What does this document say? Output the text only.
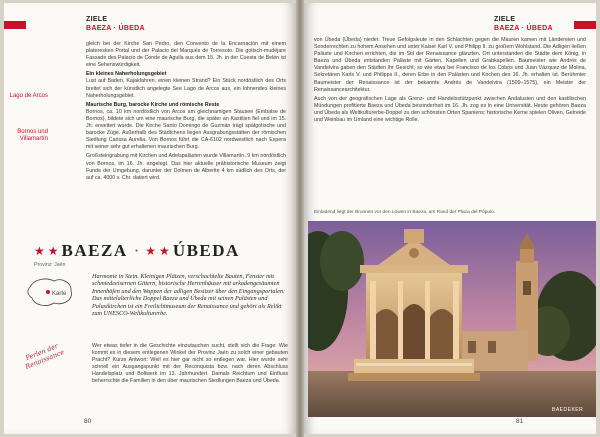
ZIELE
BAEZA · ÚBEDA
Lago de Arcos
Bornos und Villamartín

gleich bei der Kirche San Pedro, den Convento de la Encarnación mit einem plateresken Portal und der Palacio del Marqués de Torresoto. Die gotisch-mudéjare Fassade des Palacio de Conde de Aguila aus dem 15. Jh. in der Cuesta de Belén ist eine Sehenswürdigkeit.

Ein kleines Naherholungsgebiet

Lust auf Baden, Kajakfahren, einen kleinen Strand? Ein Stück nordöstlich des Orts breitet sich der künstlich angelegte See Lago de Arcos aus, ein lohnendes kleines Naherholungsgebiet.

Maurische Burg, barocke Kirche und römische Reste

Bornos, ca. 10 km nordöstlich von Arcos am gleichnamigen Stausee (Embalse de Bornos), bildete sich um eine maurische Burg, die später an Kastilien fiel und im 15. Jh. erweitert wurde. Die Kirche Santo Domingo de Guzmán trägt spätgotische und barocke Züge. Außerhalb des Städtchens liegen Ausgrabungsstätten der römischen Siedlung Carissa Aurelia. Von Bornos führt die CA-6102 nordwestlich nach Espera mit seiner sehr gut erhaltenen maurischen Burg.

Großsteingrabung mit Kirchen und Adelspalästen wurde Villamartín, 9 km nordöstlich von Bornos, im 16. Jh. angelegt. Das hier aktuelle prähistorische Museum zeigt Funde der Umgebung, darunter der Dolmen de Alberite 4 km südlich des Orts, der auf ca. 4000 v. Chr. datiert wird.

★ ★ BAEZA · ★ ★ ÚBEDA
Provinz: Jaén
Karte
Harmonie in Stein. Kleinigen Plätzen, verschachtelte Bauten, Fenster mit schmiedeeisernen Gittern, historische Herrenhäuser mit arkadengesäumten Innenhöfen und den Wappen der adligen Besitzer über den Eingangsportalen: Das mittelalterliche Doppel Baeza und Úbeda mit seinen Palästen und Palastkirchen ist ein Freilichtmuseum der Renaissance und gehört als Relikt zum UNESCO-Weltkulturerbe.

Wer etwas tiefer in die Geschichte einzutauchen sucht, stellt sich die Frage: Wie kommt es in diesem entlegenen Winkel der Provinz Jaén zu solch einer gebauten Pracht? Kurze Antwort: Weil es hier gar nicht so entlegen war. Hier wurde sehr schnell ein Ausgangspunkt mit der Reconquista bzw. nach deren Abschluss Handelsplatz und Bollwerk im 13. Jahrhundert. Damals Reichtum und Einfluss beherrschte die Familien in den über maurischen Siedlungen Baeza und Úbeda.

Perlen der Renaissance
80
ZIELE
BAEZA · ÚBEDA

von Úbeda (Úbeda) nieder. Treue Gefolgsleute in den Schlachten gegen die Mauren kamen mit Ländereien und Sonderrechten zu hohem Ansehen und unter Kaiser Karl V. und Philipp II. zu großem Wohlstand. Die Adligen ließen Paläste und Kirchen errichten, die im Stil der Renaissance glänzten. Ort unterstanden die Städte dem König, in Baeza und Úbeda entstanden Paläste mit Gärten, Kapellen und Grabkapellen. Baumeister wie Andrés de Vandelvira gaben den Städten ihr Gesicht, so wie etwa bei Francisco de los Cobos und Juan Vázquez de Molina, Sekretären Karls V. und Philipps II., deren Erbe in den Palästen und Kirchen des 16. Jh. erhalten ist. Berühmter Baumeister der Renaissance ist der bekannte Andrés de Vandelvira (1509–1575), ein Meister der Renaissancearchitektur.

Auch von der geografischen Lage als Grenz- und Handelsstützpunkt zwischen Andalusien und den kastilischen Mündungen profitierte Baeza und Úbeda besonderheit im 16. Jh. zog es in eine Universität. Heute gehören Baeza und Úbeda als Weltkulturerbe-Doppel zu den schönsten Orten Spaniens; historische Kerne spielen Oliven, Getreide und Weinbau im Umland eine wichtige Rolle.

Einladend liegt der Brunnen vor den Löwen in Baeza, am Rand der Plaza del Pópulo.
BAEDEKER
81
